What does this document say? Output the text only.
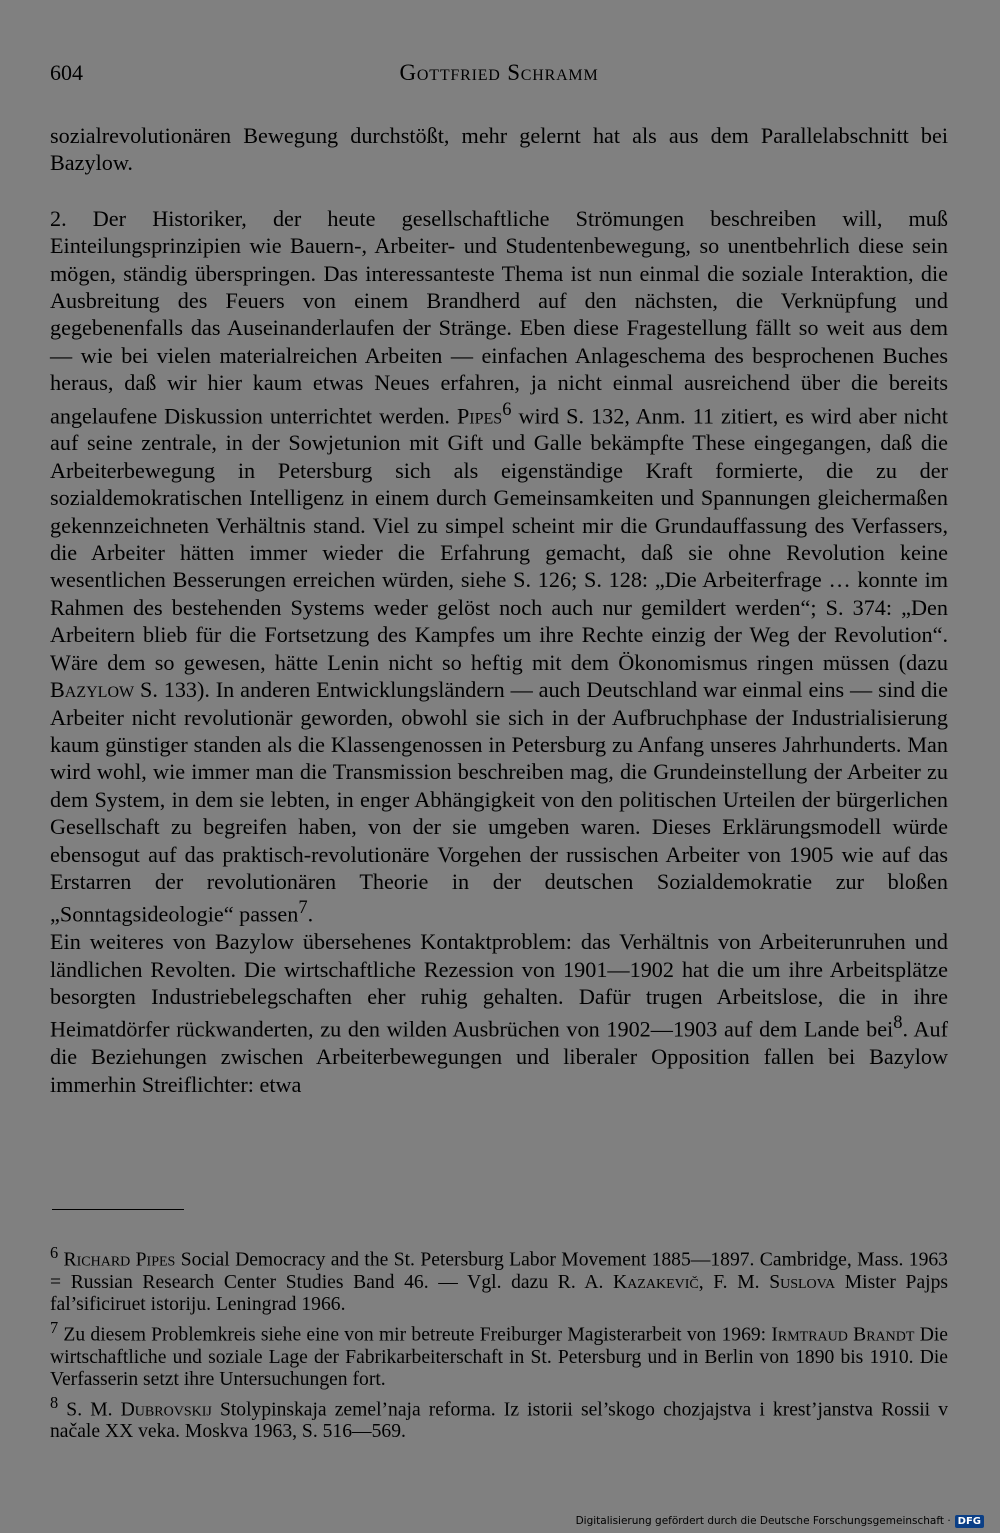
604	Gottfried Schramm

sozialrevolutionären Bewegung durchstößt, mehr gelernt hat als aus dem Parallelabschnitt bei Bazylow.

2. Der Historiker, der heute gesellschaftliche Strömungen beschreiben will, muß Einteilungsprinzipien wie Bauern-, Arbeiter- und Studentenbewegung, so unentbehrlich diese sein mögen, ständig überspringen. Das interessanteste Thema ist nun einmal die soziale Interaktion, die Ausbreitung des Feuers von einem Brandherd auf den nächsten, die Verknüpfung und gegebenenfalls das Auseinanderlaufen der Stränge. Eben diese Fragestellung fällt so weit aus dem — wie bei vielen materialreichen Arbeiten — einfachen Anlageschema des besprochenen Buches heraus, daß wir hier kaum etwas Neues erfahren, ja nicht einmal ausreichend über die bereits angelaufene Diskussion unterrichtet werden. Pipes$^6$ wird S. 132, Anm. 11 zitiert, es wird aber nicht auf seine zentrale, in der Sowjetunion mit Gift und Galle bekämpfte These eingegangen, daß die Arbeiterbewegung in Petersburg sich als eigenständige Kraft formierte, die zu der sozialdemokratischen Intelligenz in einem durch Gemeinsamkeiten und Spannungen gleichermaßen gekennzeichneten Verhältnis stand. Viel zu simpel scheint mir die Grundauffassung des Verfassers, die Arbeiter hätten immer wieder die Erfahrung gemacht, daß sie ohne Revolution keine wesentlichen Besserungen erreichen würden, siehe S. 126; S. 128: „Die Arbeiterfrage … konnte im Rahmen des bestehenden Systems weder gelöst noch auch nur gemildert werden“; S. 374: „Den Arbeitern blieb für die Fortsetzung des Kampfes um ihre Rechte einzig der Weg der Revolution“. Wäre dem so gewesen, hätte Lenin nicht so heftig mit dem Ökonomismus ringen müssen (dazu Bazylow S. 133). In anderen Entwicklungsländern — auch Deutschland war einmal eins — sind die Arbeiter nicht revolutionär geworden, obwohl sie sich in der Aufbruchphase der Industrialisierung kaum günstiger standen als die Klassengenossen in Petersburg zu Anfang unseres Jahrhunderts. Man wird wohl, wie immer man die Transmission beschreiben mag, die Grundeinstellung der Arbeiter zu dem System, in dem sie lebten, in enger Abhängigkeit von den politischen Urteilen der bürgerlichen Gesellschaft zu begreifen haben, von der sie umgeben waren. Dieses Erklärungsmodell würde ebensogut auf das praktisch-revolutionäre Vorgehen der russischen Arbeiter von 1905 wie auf das Erstarren der revolutionären Theorie in der deutschen Sozialdemokratie zur bloßen „Sonntagsideologie“ passen$^7$.

Ein weiteres von Bazylow übersehenes Kontaktproblem: das Verhältnis von Arbeiterunruhen und ländlichen Revolten. Die wirtschaftliche Rezession von 1901—1902 hat die um ihre Arbeitsplätze besorgten Industriebelegschaften eher ruhig gehalten. Dafür trugen Arbeitslose, die in ihre Heimatdörfer rückwanderten, zu den wilden Ausbrüchen von 1902—1903 auf dem Lande bei$^8$. Auf die Beziehungen zwischen Arbeiterbewegungen und liberaler Opposition fallen bei Bazylow immerhin Streiflichter: etwa

$^6$ Richard Pipes Social Democracy and the St. Petersburg Labor Movement 1885—1897. Cambridge, Mass. 1963 = Russian Research Center Studies Band 46. — Vgl. dazu R. A. Kazakevič, F. M. Suslova Mister Pajps fal’sificiruet istoriju. Leningrad 1966.

$^7$ Zu diesem Problemkreis siehe eine von mir betreute Freiburger Magisterarbeit von 1969: Irmtraud Brandt Die wirtschaftliche und soziale Lage der Fabrikarbeiterschaft in St. Petersburg und in Berlin von 1890 bis 1910. Die Verfasserin setzt ihre Untersuchungen fort.

$^8$ S. M. Dubrovskij Stolypinskaja zemel’naja reforma. Iz istorii sel’skogo chozjajstva i krest’janstva Rossii v načale XX veka. Moskva 1963, S. 516—569.

Digitalisierung gefördert durch die Deutsche Forschungsgemeinschaft · DFG
